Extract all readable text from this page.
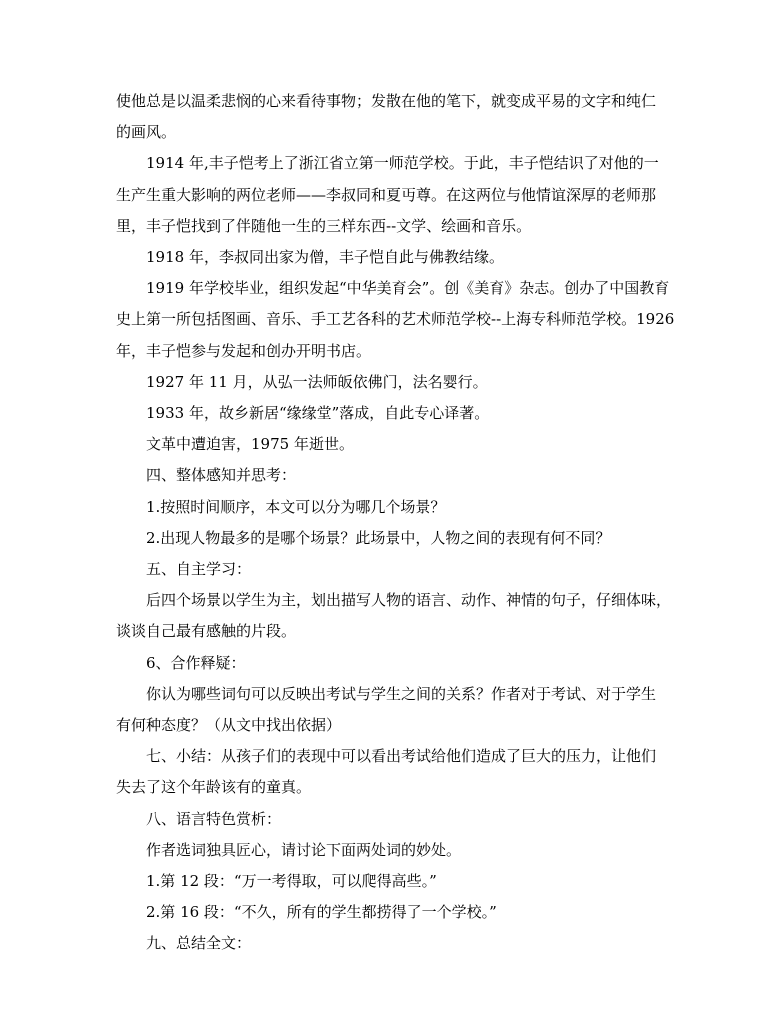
使他总是以温柔悲悯的心来看待事物；发散在他的笔下，就变成平易的文字和纯仁
的画风。
1914 年,丰子恺考上了浙江省立第一师范学校。于此，丰子恺结识了对他的一
生产生重大影响的两位老师——李叔同和夏丏尊。在这两位与他情谊深厚的老师那
里，丰子恺找到了伴随他一生的三样东西--文学、绘画和音乐。
1918 年，李叔同出家为僧，丰子恺自此与佛教结缘。
1919 年学校毕业，组织发起“中华美育会”。创《美育》杂志。创办了中国教育
史上第一所包括图画、音乐、手工艺各科的艺术师范学校--上海专科师范学校。1926
年，丰子恺参与发起和创办开明书店。
1927 年 11 月，从弘一法师皈依佛门，法名婴行。
1933 年，故乡新居“缘缘堂”落成，自此专心译著。
文革中遭迫害，1975 年逝世。
四、整体感知并思考：
1.按照时间顺序，本文可以分为哪几个场景？
2.出现人物最多的是哪个场景？此场景中，人物之间的表现有何不同？
五、自主学习：
后四个场景以学生为主，划出描写人物的语言、动作、神情的句子，仔细体味，
谈谈自己最有感触的片段。
6、合作释疑：
你认为哪些词句可以反映出考试与学生之间的关系？作者对于考试、对于学生
有何种态度？（从文中找出依据）
七、小结：从孩子们的表现中可以看出考试给他们造成了巨大的压力，让他们
失去了这个年龄该有的童真。
八、语言特色赏析：
作者选词独具匠心，请讨论下面两处词的妙处。
1.第 12 段：“万一考得取，可以爬得高些。”
2.第 16 段：“不久，所有的学生都捞得了一个学校。”
九、总结全文：
